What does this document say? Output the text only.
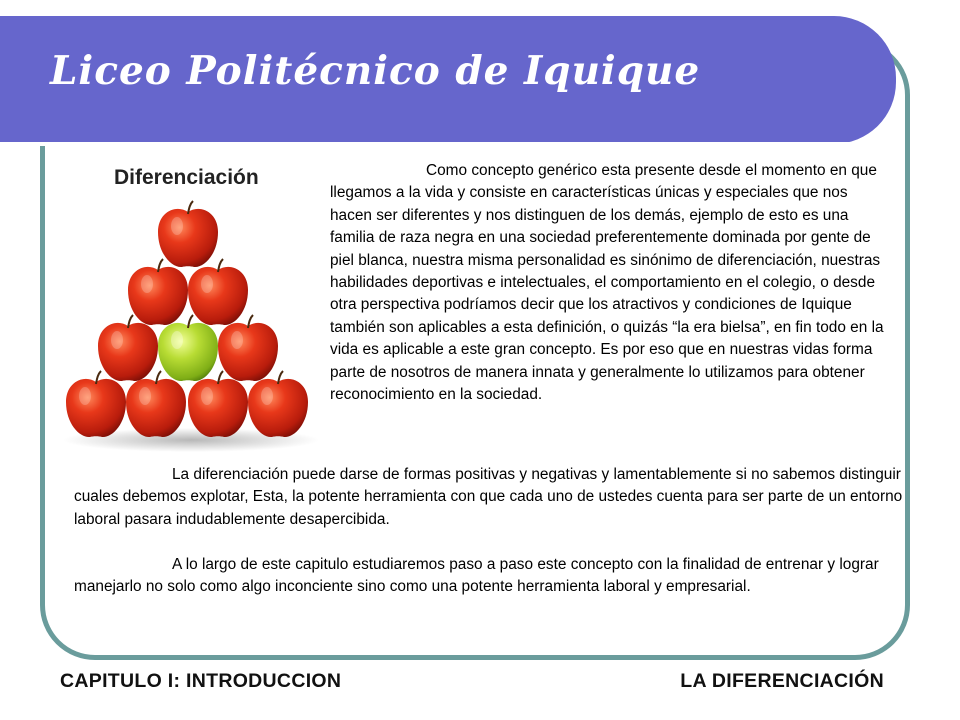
Liceo Politécnico de Iquique
Diferenciación	Como concepto genérico esta presente desde el momento en que llegamos a la vida y consiste en características únicas y especiales que nos hacen ser diferentes y nos distinguen de los demás, ejemplo de esto es una familia de raza negra en una sociedad preferentemente dominada por gente de piel blanca, nuestra misma personalidad es sinónimo de diferenciación, nuestras habilidades deportivas e intelectuales, el comportamiento en el colegio, o desde otra perspectiva podríamos decir que los atractivos y condiciones de Iquique también son aplicables a esta definición, o quizás “la era bielsa”, en fin todo en la vida es aplicable a este gran concepto. Es por eso que en nuestras vidas forma parte de nosotros de manera innata y generalmente lo utilizamos para obtener reconocimiento en la sociedad.

La diferenciación puede darse de formas positivas y negativas y lamentablemente si no sabemos distinguir cuales debemos explotar, Esta, la potente herramienta con que cada uno de ustedes cuenta para ser parte de un entorno laboral pasara indudablemente desapercibida.

A lo largo de este capitulo estudiaremos paso a paso este concepto con la finalidad de entrenar y lograr manejarlo no solo como algo inconciente sino como una potente herramienta laboral y empresarial.

CAPITULO I: INTRODUCCION	LA DIFERENCIACIÓN
